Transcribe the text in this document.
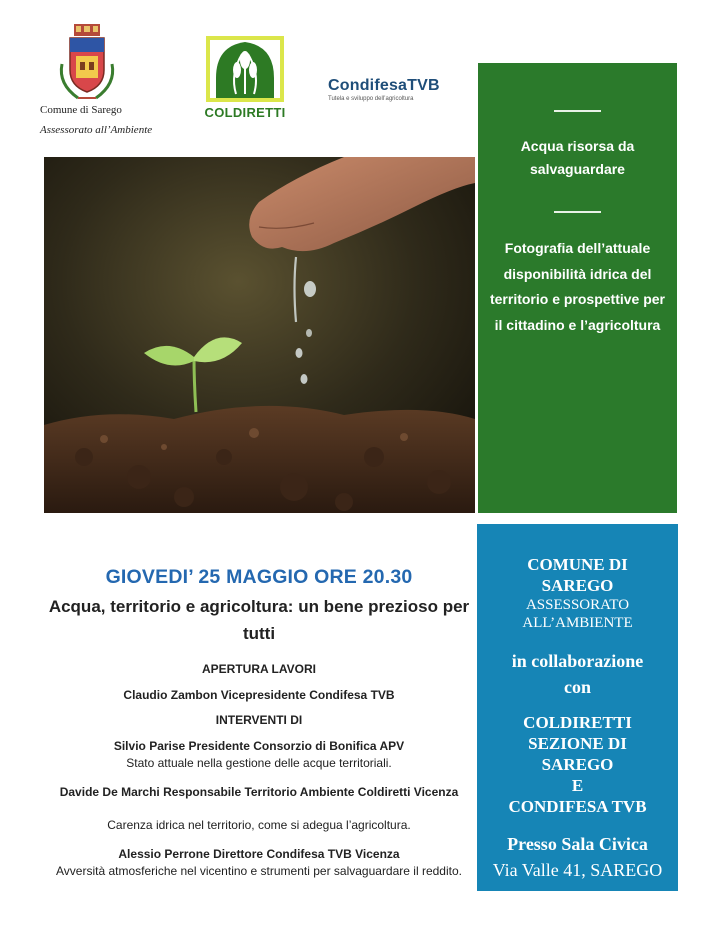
Comune di Sarego
Assessorato all’Ambiente
COLDIRETTI
CondifesaTVB
Tutela e sviluppo dell’agricoltura
Acqua risorsa da salvaguardare
Fotografia dell’attuale disponibilità idrica del territorio e prospettive per il cittadino e l’agricoltura
COMUNE DI
SAREGO
ASSESSORATO
ALL’AMBIENTE
in collaborazione
con
COLDIRETTI
SEZIONE DI
SAREGO
E
CONDIFESA TVB
Presso Sala Civica
Via Valle 41, SAREGO
GIOVEDI’ 25 MAGGIO ORE 20.30
Acqua, territorio e agricoltura: un bene prezioso per tutti
APERTURA LAVORI
Claudio Zambon Vicepresidente Condifesa TVB
INTERVENTI DI
Silvio Parise Presidente Consorzio di Bonifica APV
Stato attuale nella gestione delle acque territoriali.
Davide De Marchi Responsabile Territorio Ambiente Coldiretti Vicenza
Carenza idrica nel territorio, come si adegua l’agricoltura.
Alessio Perrone Direttore Condifesa TVB Vicenza
Avversità atmosferiche nel vicentino e strumenti per salvaguardare il reddito.
